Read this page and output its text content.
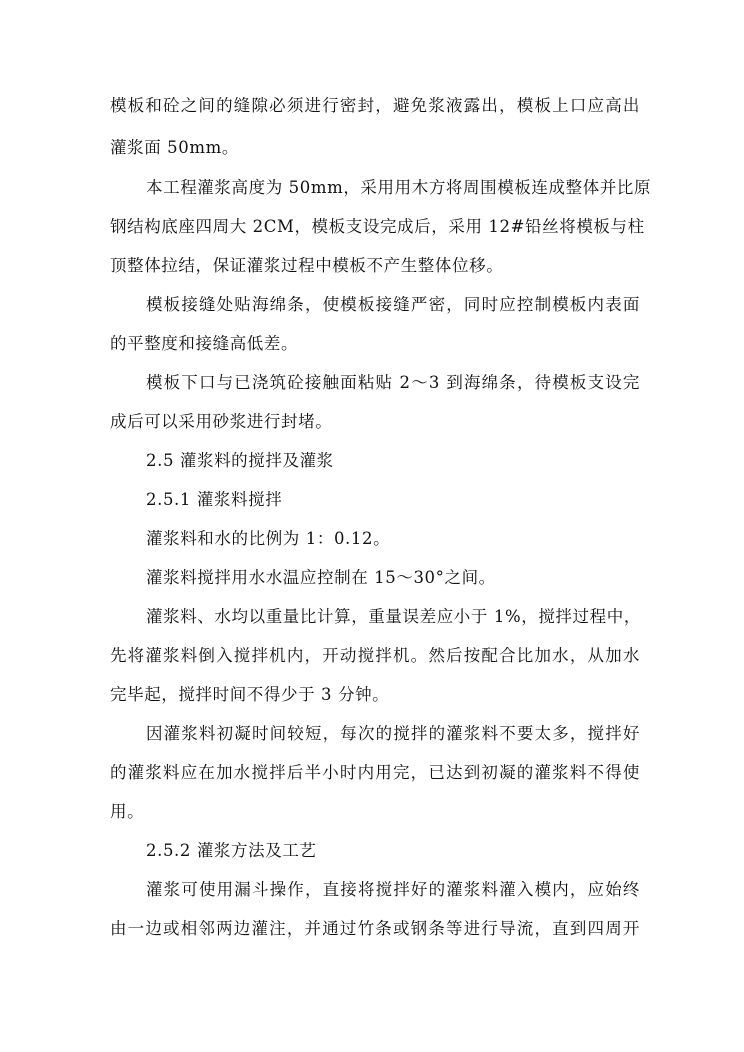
模板和砼之间的缝隙必须进行密封，避免浆液露出，模板上口应高出
灌浆面 50mm。
本工程灌浆高度为 50mm，采用用木方将周围模板连成整体并比原
钢结构底座四周大 2CM，模板支设完成后，采用 12#铅丝将模板与柱
顶整体拉结，保证灌浆过程中模板不产生整体位移。
模板接缝处贴海绵条，使模板接缝严密，同时应控制模板内表面
的平整度和接缝高低差。
模板下口与已浇筑砼接触面粘贴 2～3 到海绵条，待模板支设完
成后可以采用砂浆进行封堵。
2.5 灌浆料的搅拌及灌浆
2.5.1 灌浆料搅拌
灌浆料和水的比例为 1：0.12。
灌浆料搅拌用水水温应控制在 15～30°之间。
灌浆料、水均以重量比计算，重量误差应小于 1%，搅拌过程中，
先将灌浆料倒入搅拌机内，开动搅拌机。然后按配合比加水，从加水
完毕起，搅拌时间不得少于 3 分钟。
因灌浆料初凝时间较短，每次的搅拌的灌浆料不要太多，搅拌好
的灌浆料应在加水搅拌后半小时内用完，已达到初凝的灌浆料不得使
用。
2.5.2 灌浆方法及工艺
灌浆可使用漏斗操作，直接将搅拌好的灌浆料灌入模内，应始终
由一边或相邻两边灌注，并通过竹条或钢条等进行导流，直到四周开
